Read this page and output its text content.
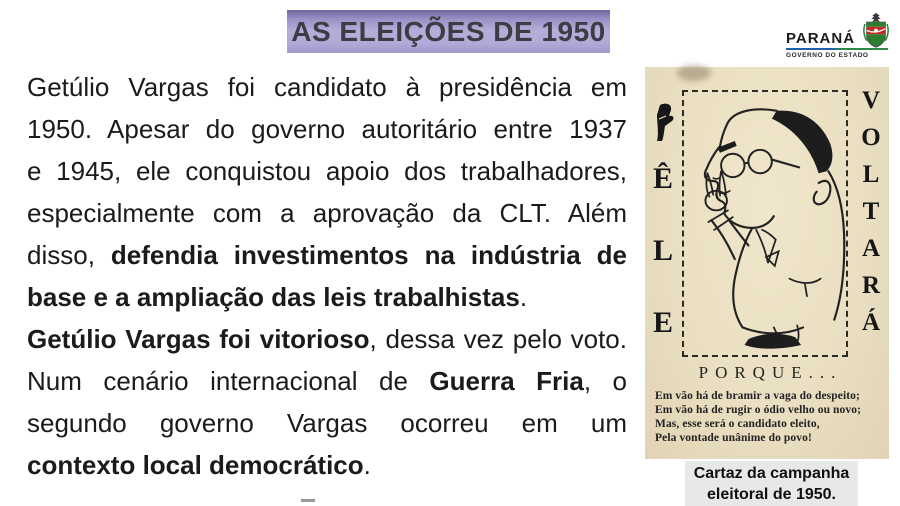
AS ELEIÇÕES DE 1950	PARANÁ
GOVERNO DO ESTADO
Getúlio Vargas foi candidato à presidência em
1950. Apesar do governo autoritário entre 1937
e 1945, ele conquistou apoio dos trabalhadores,
especialmente com a aprovação da CLT. Além
disso, defendia investimentos na indústria de
base e a ampliação das leis trabalhistas.
Getúlio Vargas foi vitorioso, dessa vez pelo voto.
Num cenário internacional de Guerra Fria, o
segundo governo Vargas ocorreu em um
contexto local democrático.
Ê
L
E
V
O
L
T
A
R
Á
PORQUE...
Em vão há de bramir a vaga do despeito;
Em vão há de rugir o ódio velho ou novo;
Mas, esse será o candidato eleito,
Pela vontade unânime do povo!
Cartaz da campanha eleitoral de 1950.
